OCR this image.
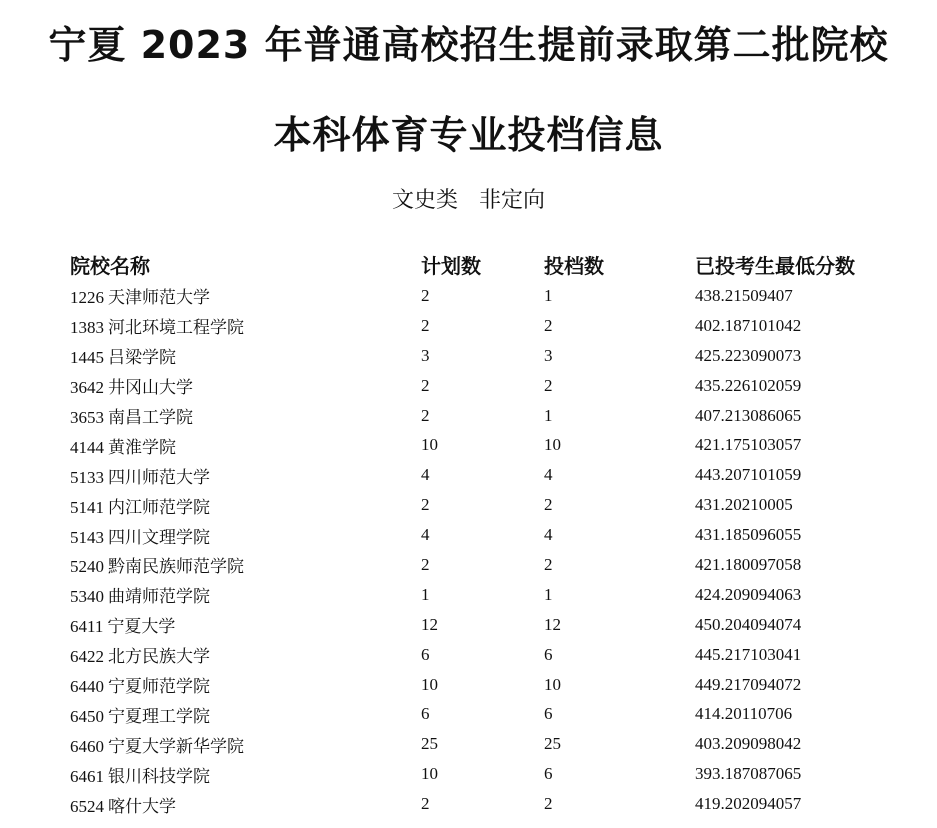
宁夏 2023 年普通高校招生提前录取第二批院校
本科体育专业投档信息
文史类   非定向
院校名称	计划数	投档数	已投考生最低分数
1226 天津师范大学	2	1	438.21509407
1383 河北环境工程学院	2	2	402.187101042
1445 吕梁学院	3	3	425.223090073
3642 井冈山大学	2	2	435.226102059
3653 南昌工学院	2	1	407.213086065
4144 黄淮学院	10	10	421.175103057
5133 四川师范大学	4	4	443.207101059
5141 内江师范学院	2	2	431.20210005
5143 四川文理学院	4	4	431.185096055
5240 黔南民族师范学院	2	2	421.180097058
5340 曲靖师范学院	1	1	424.209094063
6411 宁夏大学	12	12	450.204094074
6422 北方民族大学	6	6	445.217103041
6440 宁夏师范学院	10	10	449.217094072
6450 宁夏理工学院	6	6	414.20110706
6460 宁夏大学新华学院	25	25	403.209098042
6461 银川科技学院	10	6	393.187087065
6524 喀什大学	2	2	419.202094057
